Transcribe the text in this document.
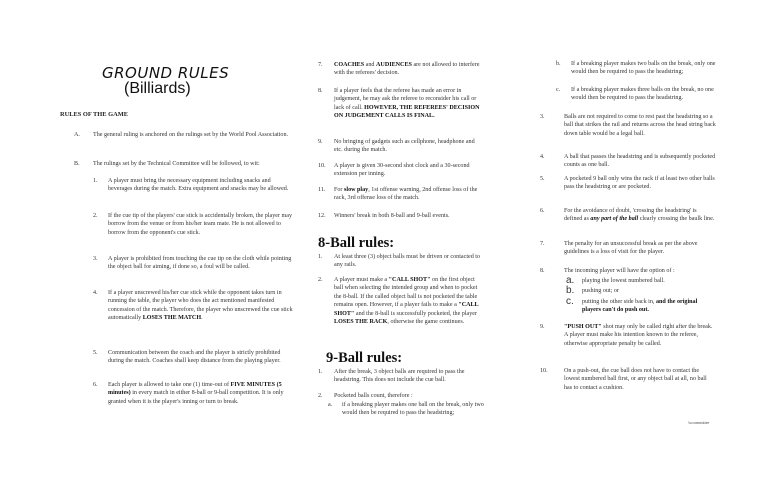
GROUND RULES
(Billiards)
RULES OF THE GAME
A. The general ruling is anchored on the rulings set by the World Pool Association.
B. The rulings set by the Technical Committee will be followed, to wit:
1. A player must bring the necessary equipment including snacks and beverages during the match. Extra equipment and snacks may be allowed.
2. If the cue tip of the players' cue stick is accidentally broken, the player may borrow from the venue or from his/her team mate. He is not allowed to borrow from the opponent's cue stick.
3. A player is prohibited from touching the cue tip on the cloth while pointing the object ball for aiming, if done so, a foul will be called.
4. If a player unscrewed his/her cue stick while the opponent takes turn in running the table, the player who does the act mentioned manifested concession of the match. Therefore, the player who unscrewed the cue stick automatically LOSES THE MATCH.
5. Communication between the coach and the player is strictly prohibited during the match. Coaches shall keep distance from the playing player.
6. Each player is allowed to take one (1) time-out of FIVE MINUTES (5 minutes) in every match in either 8-ball or 9-ball competition. It is only granted when it is the player's inning or turn to break.
7. COACHES and AUDIENCES are not allowed to interfere with the referees' decision.
8. If a player feels that the referee has made an error in judgement, he may ask the referee to reconsider his call or lack of call. HOWEVER, THE REFEREES' DECISION ON JUDGEMENT CALLS IS FINAL.
9. No bringing of gadgets such as cellphone, headphone and etc. during the match.
10. A player is given 30-second shot clock and a 30-second extension per inning.
11. For slow play, 1st offense warning, 2nd offense loss of the rack, 3rd offense loss of the match.
12. Winners' break in both 8-ball and 9-ball events.
8-Ball rules:
1. At least three (3) object balls must be driven or contacted to any rails.
2. A player must make a "CALL SHOT" on the first object ball when selecting the intended group and when to pocket the 8-ball. If the called object ball is not pocketed the table remains open. However, if a player fails to make a "CALL SHOT" and the 8-ball is successfully pocketed, the player LOSES THE RACK, otherwise the game continues.
9-Ball rules:
1. After the break, 3 object balls are required to pass the headstring. This does not include the cue ball.
2. Pocketed balls count, therefore :
a. if a breaking player makes one ball on the break, only two would then be required to pass the headstring;
b. If a breaking player makes two balls on the break, only one would then be required to pass the headstring;
c. If a breaking player makes three balls on the break, no one would then be required to pass the headstring.
3.	Balls are not required to come to rest past the headstring so a ball that strikes the rail and returns across the head string back down table would be a legal ball.
4.	A ball that passes the headstring and is subsequently pocketed counts as one ball.
5.	A pocketed 9 ball only wins the rack if at least two other balls pass the headstring or are pocketed.
6.	For the avoidance of doubt, 'crossing the headstring' is defined as any part of the ball clearly crossing the baulk line.
7.	The penalty for an unsuccessful break as per the above guidelines is a loss of visit for the player.
8.	The incoming player will have the option of :
a. playing the lowest numbered ball.
b. pushing out; or
c. putting the other side back in, and the original players can't do push out.
9.	"PUSH OUT" shot may only be called right after the break. A player must make his intention known to the referee, otherwise appropriate penalty be called.
10.	On a push-out, the cue ball does not have to contact the lowest numbered ball first, or any object ball at all, no ball has to contact a cushion.
/sccommittee
